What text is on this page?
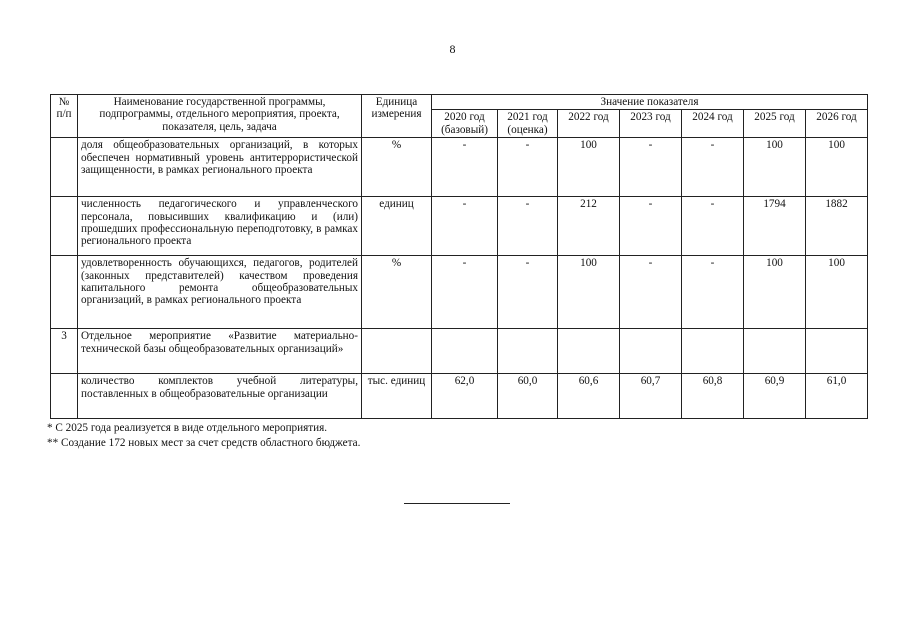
8
№ п/п	Наименование государственной программы, подпрограммы, отдельного мероприятия, проекта, показателя, цель, задача	Единица измерения	Значение показателя						
			2020 год (базовый)	2021 год (оценка)	2022 год	2023 год	2024 год	2025 год	2026 год
	доля общеобразовательных организаций, в которых обеспечен нормативный уровень антитеррористической защищенности, в рамках регионального проекта	%	-	-	100	-	-	100	100
	численность педагогического и управленческого персонала, повысивших квалификацию и (или) прошедших профессиональную переподготовку, в рамках регионального проекта	единиц	-	-	212	-	-	1794	1882
	удовлетворенность обучающихся, педагогов, родителей (законных представителей) качеством проведения капитального ремонта общеобразовательных организаций, в рамках регионального проекта	%	-	-	100	-	-	100	100
3	Отдельное мероприятие «Развитие материально-технической базы общеобразовательных организаций»								
	количество комплектов учебной литературы, поставленных в общеобразовательные организации	тыс. единиц	62,0	60,0	60,6	60,7	60,8	60,9	61,0
* С 2025 года реализуется в виде отдельного мероприятия.
** Создание 172 новых мест за счет средств областного бюджета.
